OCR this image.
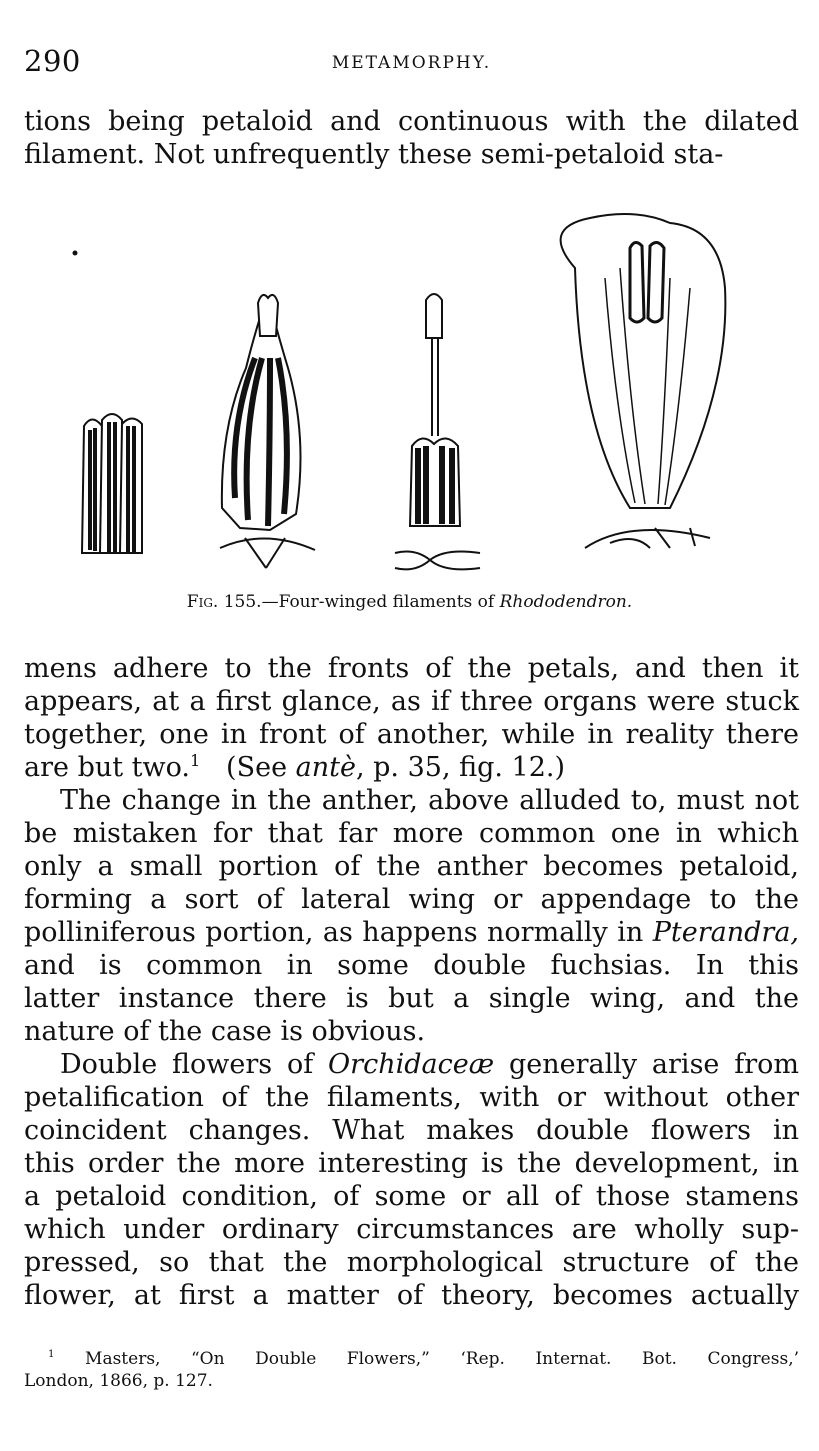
290	METAMORPHY.
tions being petaloid and continuous with the dilated
filament. Not unfrequently these semi-petaloid sta-
Fig. 155.—Four-winged filaments of Rhododendron.
mens adhere to the fronts of the petals, and then it
appears, at a first glance, as if three organs were stuck
together, one in front of another, while in reality there
are but two.$^1$   (See antè, p. 35, fig. 12.)
The change in the anther, above alluded to, must not
be mistaken for that far more common one in which
only a small portion of the anther becomes petaloid,
forming a sort of lateral wing or appendage to the
polliniferous portion, as happens normally in Pterandra,
and is common in some double fuchsias. In this
latter instance there is but a single wing, and the
nature of the case is obvious.
Double flowers of Orchidaceæ generally arise from
petalification of the filaments, with or without other
coincident changes. What makes double flowers in
this order the more interesting is the development, in
a petaloid condition, of some or all of those stamens
which under ordinary circumstances are wholly sup-
pressed, so that the morphological structure of the
flower, at first a matter of theory, becomes actually
$^1$ Masters, “On Double Flowers,” ‘Rep. Internat. Bot. Congress,’
London, 1866, p. 127.
